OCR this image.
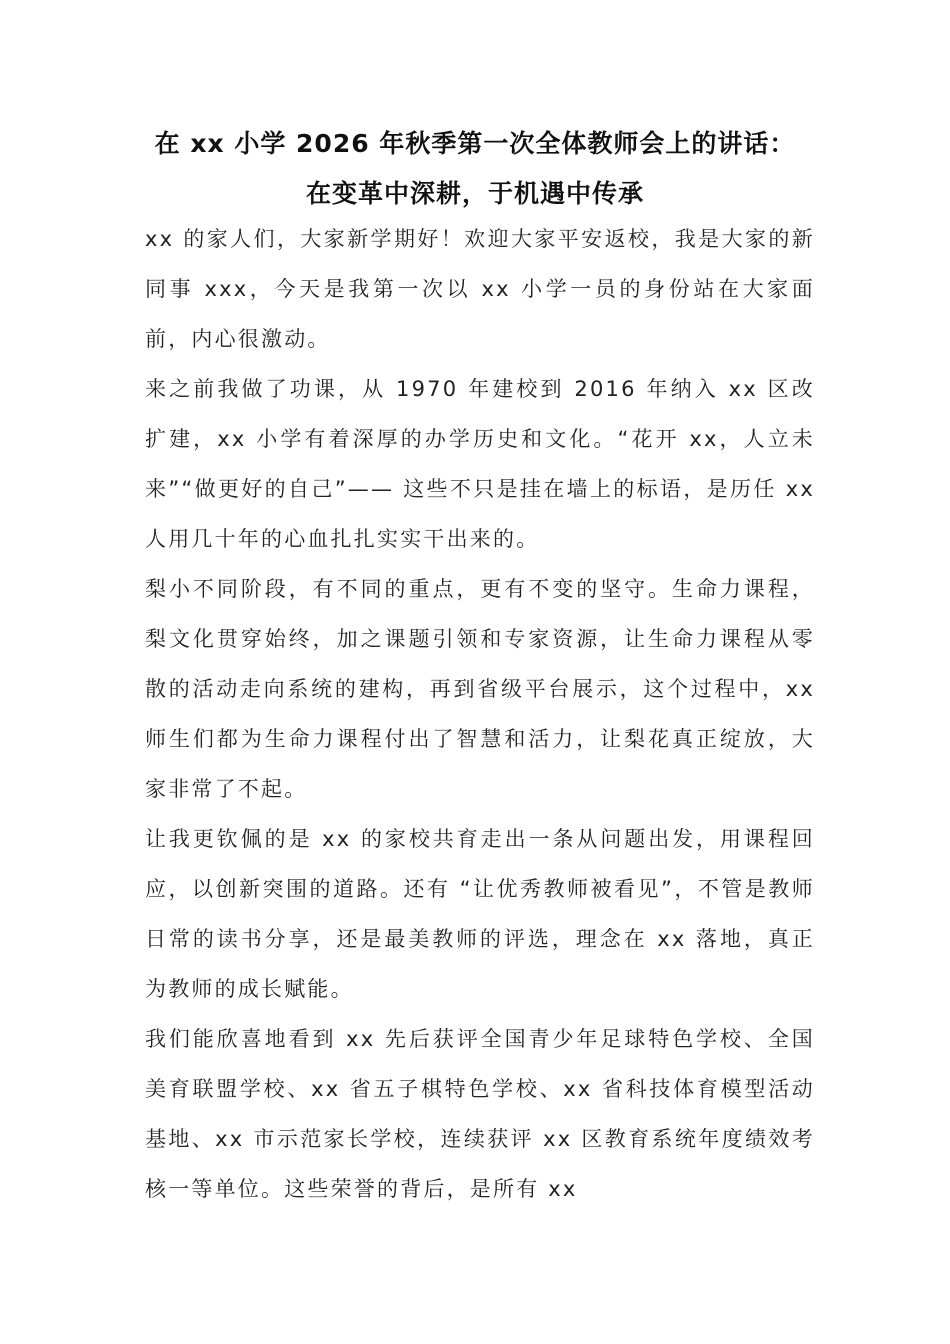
在 xx 小学 2026 年秋季第一次全体教师会上的讲话：
在变革中深耕，于机遇中传承

xx 的家人们，大家新学期好！欢迎大家平安返校，我是大家的新同事 xxx，今天是我第一次以 xx 小学一员的身份站在大家面前，内心很激动。

来之前我做了功课，从 1970 年建校到 2016 年纳入 xx 区改扩建，xx 小学有着深厚的办学历史和文化。“花开 xx，人立未来”“做更好的自己”—— 这些不只是挂在墙上的标语，是历任 xx 人用几十年的心血扎扎实实干出来的。

梨小不同阶段，有不同的重点，更有不变的坚守。生命力课程，梨文化贯穿始终，加之课题引领和专家资源，让生命力课程从零散的活动走向系统的建构，再到省级平台展示，这个过程中，xx 师生们都为生命力课程付出了智慧和活力，让梨花真正绽放，大家非常了不起。

让我更钦佩的是 xx 的家校共育走出一条从问题出发，用课程回应，以创新突围的道路。还有 “让优秀教师被看见”，不管是教师日常的读书分享，还是最美教师的评选，理念在 xx 落地，真正为教师的成长赋能。

我们能欣喜地看到 xx 先后获评全国青少年足球特色学校、全国美育联盟学校、xx 省五子棋特色学校、xx 省科技体育模型活动基地、xx 市示范家长学校，连续获评 xx 区教育系统年度绩效考核一等单位。这些荣誉的背后，是所有 xx
